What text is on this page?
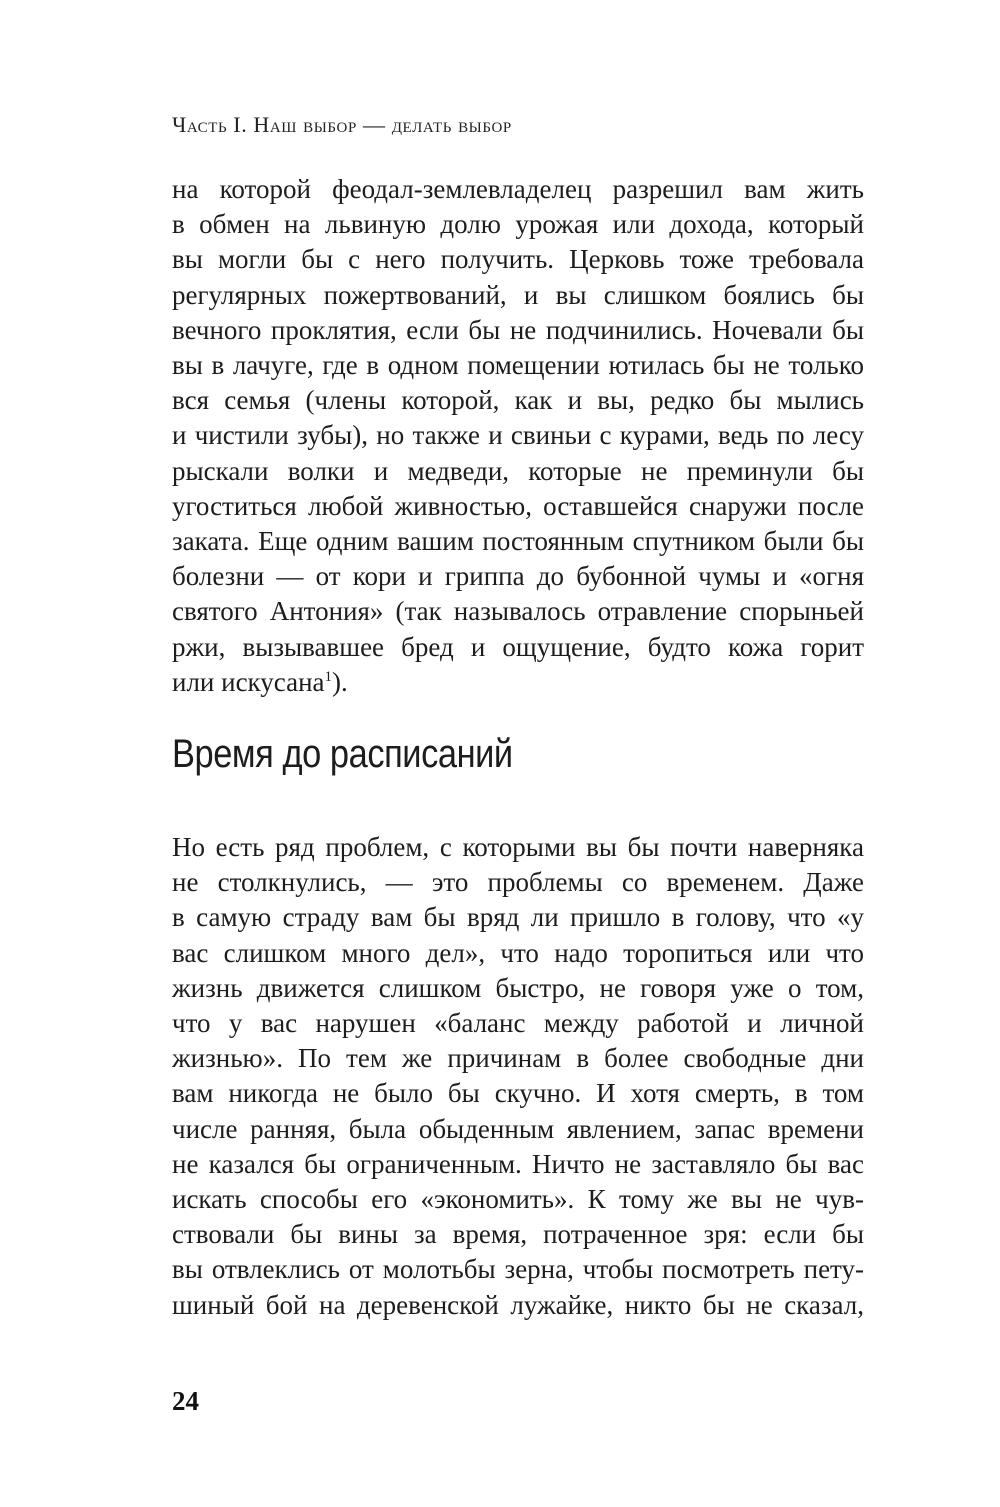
Часть I. Наш выбор — делать выбор
на которой феодал-землевладелец разрешил вам жить
в обмен на львиную долю урожая или дохода, который
вы могли бы с него получить. Церковь тоже требовала
регулярных пожертвований, и вы слишком боялись бы
вечного проклятия, если бы не подчинились. Ночевали бы
вы в лачуге, где в одном помещении ютилась бы не только
вся семья (члены которой, как и вы, редко бы мылись
и чистили зубы), но также и свиньи с курами, ведь по лесу
рыскали волки и медведи, которые не преминули бы
угоститься любой живностью, оставшейся снаружи после
заката. Еще одним вашим постоянным спутником были бы
болезни — от кори и гриппа до бубонной чумы и «огня
святого Антония» (так называлось отравление спорыньей
ржи, вызывавшее бред и ощущение, будто кожа горит
или искусана$^1$).
Время до расписаний
Но есть ряд проблем, с которыми вы бы почти наверняка
не столкнулись, — это проблемы со временем. Даже
в самую страду вам бы вряд ли пришло в голову, что «у
вас слишком много дел», что надо торопиться или что
жизнь движется слишком быстро, не говоря уже о том,
что у вас нарушен «баланс между работой и личной
жизнью». По тем же причинам в более свободные дни
вам никогда не было бы скучно. И хотя смерть, в том
числе ранняя, была обыденным явлением, запас времени
не казался бы ограниченным. Ничто не заставляло бы вас
искать способы его «экономить». К тому же вы не чув-
ствовали бы вины за время, потраченное зря: если бы
вы отвлеклись от молотьбы зерна, чтобы посмотреть пету-
шиный бой на деревенской лужайке, никто бы не сказал,
24
